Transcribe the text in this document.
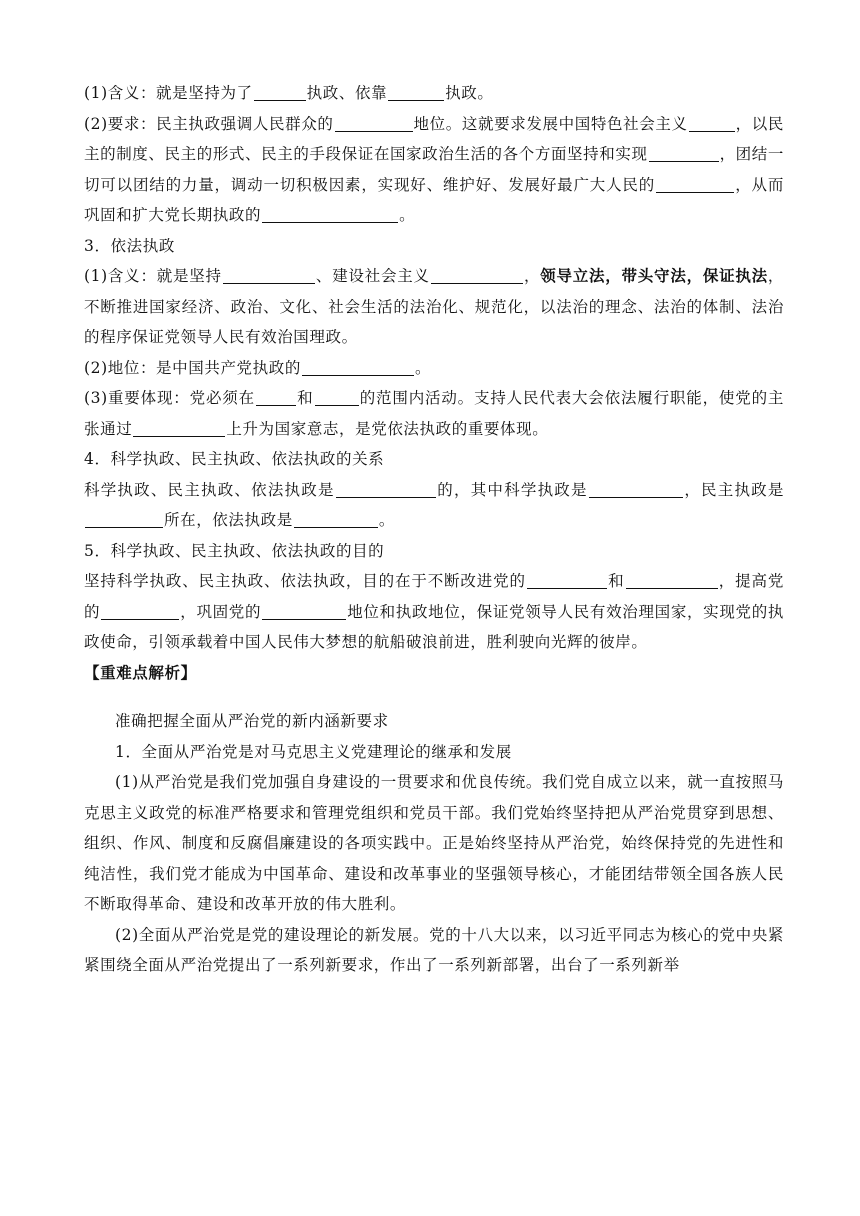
(1)含义：就是坚持为了	执政、依靠	执政。

(2)要求：民主执政强调人民群众的	地位。这就要求发展中国特色社会主义	，以民主的制度、民主的形式、民主的手段保证在国家政治生活的各个方面坚持和实现	，团结一切可以团结的力量，调动一切积极因素，实现好、维护好、发展好最广大人民的	，从而巩固和扩大党长期执政的	。

3．依法执政

(1)含义：就是坚持	、建设社会主义	，领导立法，带头守法，保证执法，不断推进国家经济、政治、文化、社会生活的法治化、规范化，以法治的理念、法治的体制、法治的程序保证党领导人民有效治国理政。

(2)地位：是中国共产党执政的	。

(3)重要体现：党必须在	和	的范围内活动。支持人民代表大会依法履行职能，使党的主张通过	上升为国家意志，是党依法执政的重要体现。

4．科学执政、民主执政、依法执政的关系

科学执政、民主执政、依法执政是	的，其中科学执政是	，民主执政是所在，依法执政是	。

5．科学执政、民主执政、依法执政的目的

坚持科学执政、民主执政、依法执政，目的在于不断改进党的	和	，提高党的	，巩固党的	地位和执政地位，保证党领导人民有效治理国家，实现党的执政使命，引领承载着中国人民伟大梦想的航船破浪前进，胜利驶向光辉的彼岸。

【重难点解析】

准确把握全面从严治党的新内涵新要求

1．全面从严治党是对马克思主义党建理论的继承和发展

(1)从严治党是我们党加强自身建设的一贯要求和优良传统。我们党自成立以来，就一直按照马克思主义政党的标准严格要求和管理党组织和党员干部。我们党始终坚持把从严治党贯穿到思想、组织、作风、制度和反腐倡廉建设的各项实践中。正是始终坚持从严治党，始终保持党的先进性和纯洁性，我们党才能成为中国革命、建设和改革事业的坚强领导核心，才能团结带领全国各族人民不断取得革命、建设和改革开放的伟大胜利。

(2)全面从严治党是党的建设理论的新发展。党的十八大以来，以习近平同志为核心的党中央紧紧围绕全面从严治党提出了一系列新要求，作出了一系列新部署，出台了一系列新举
